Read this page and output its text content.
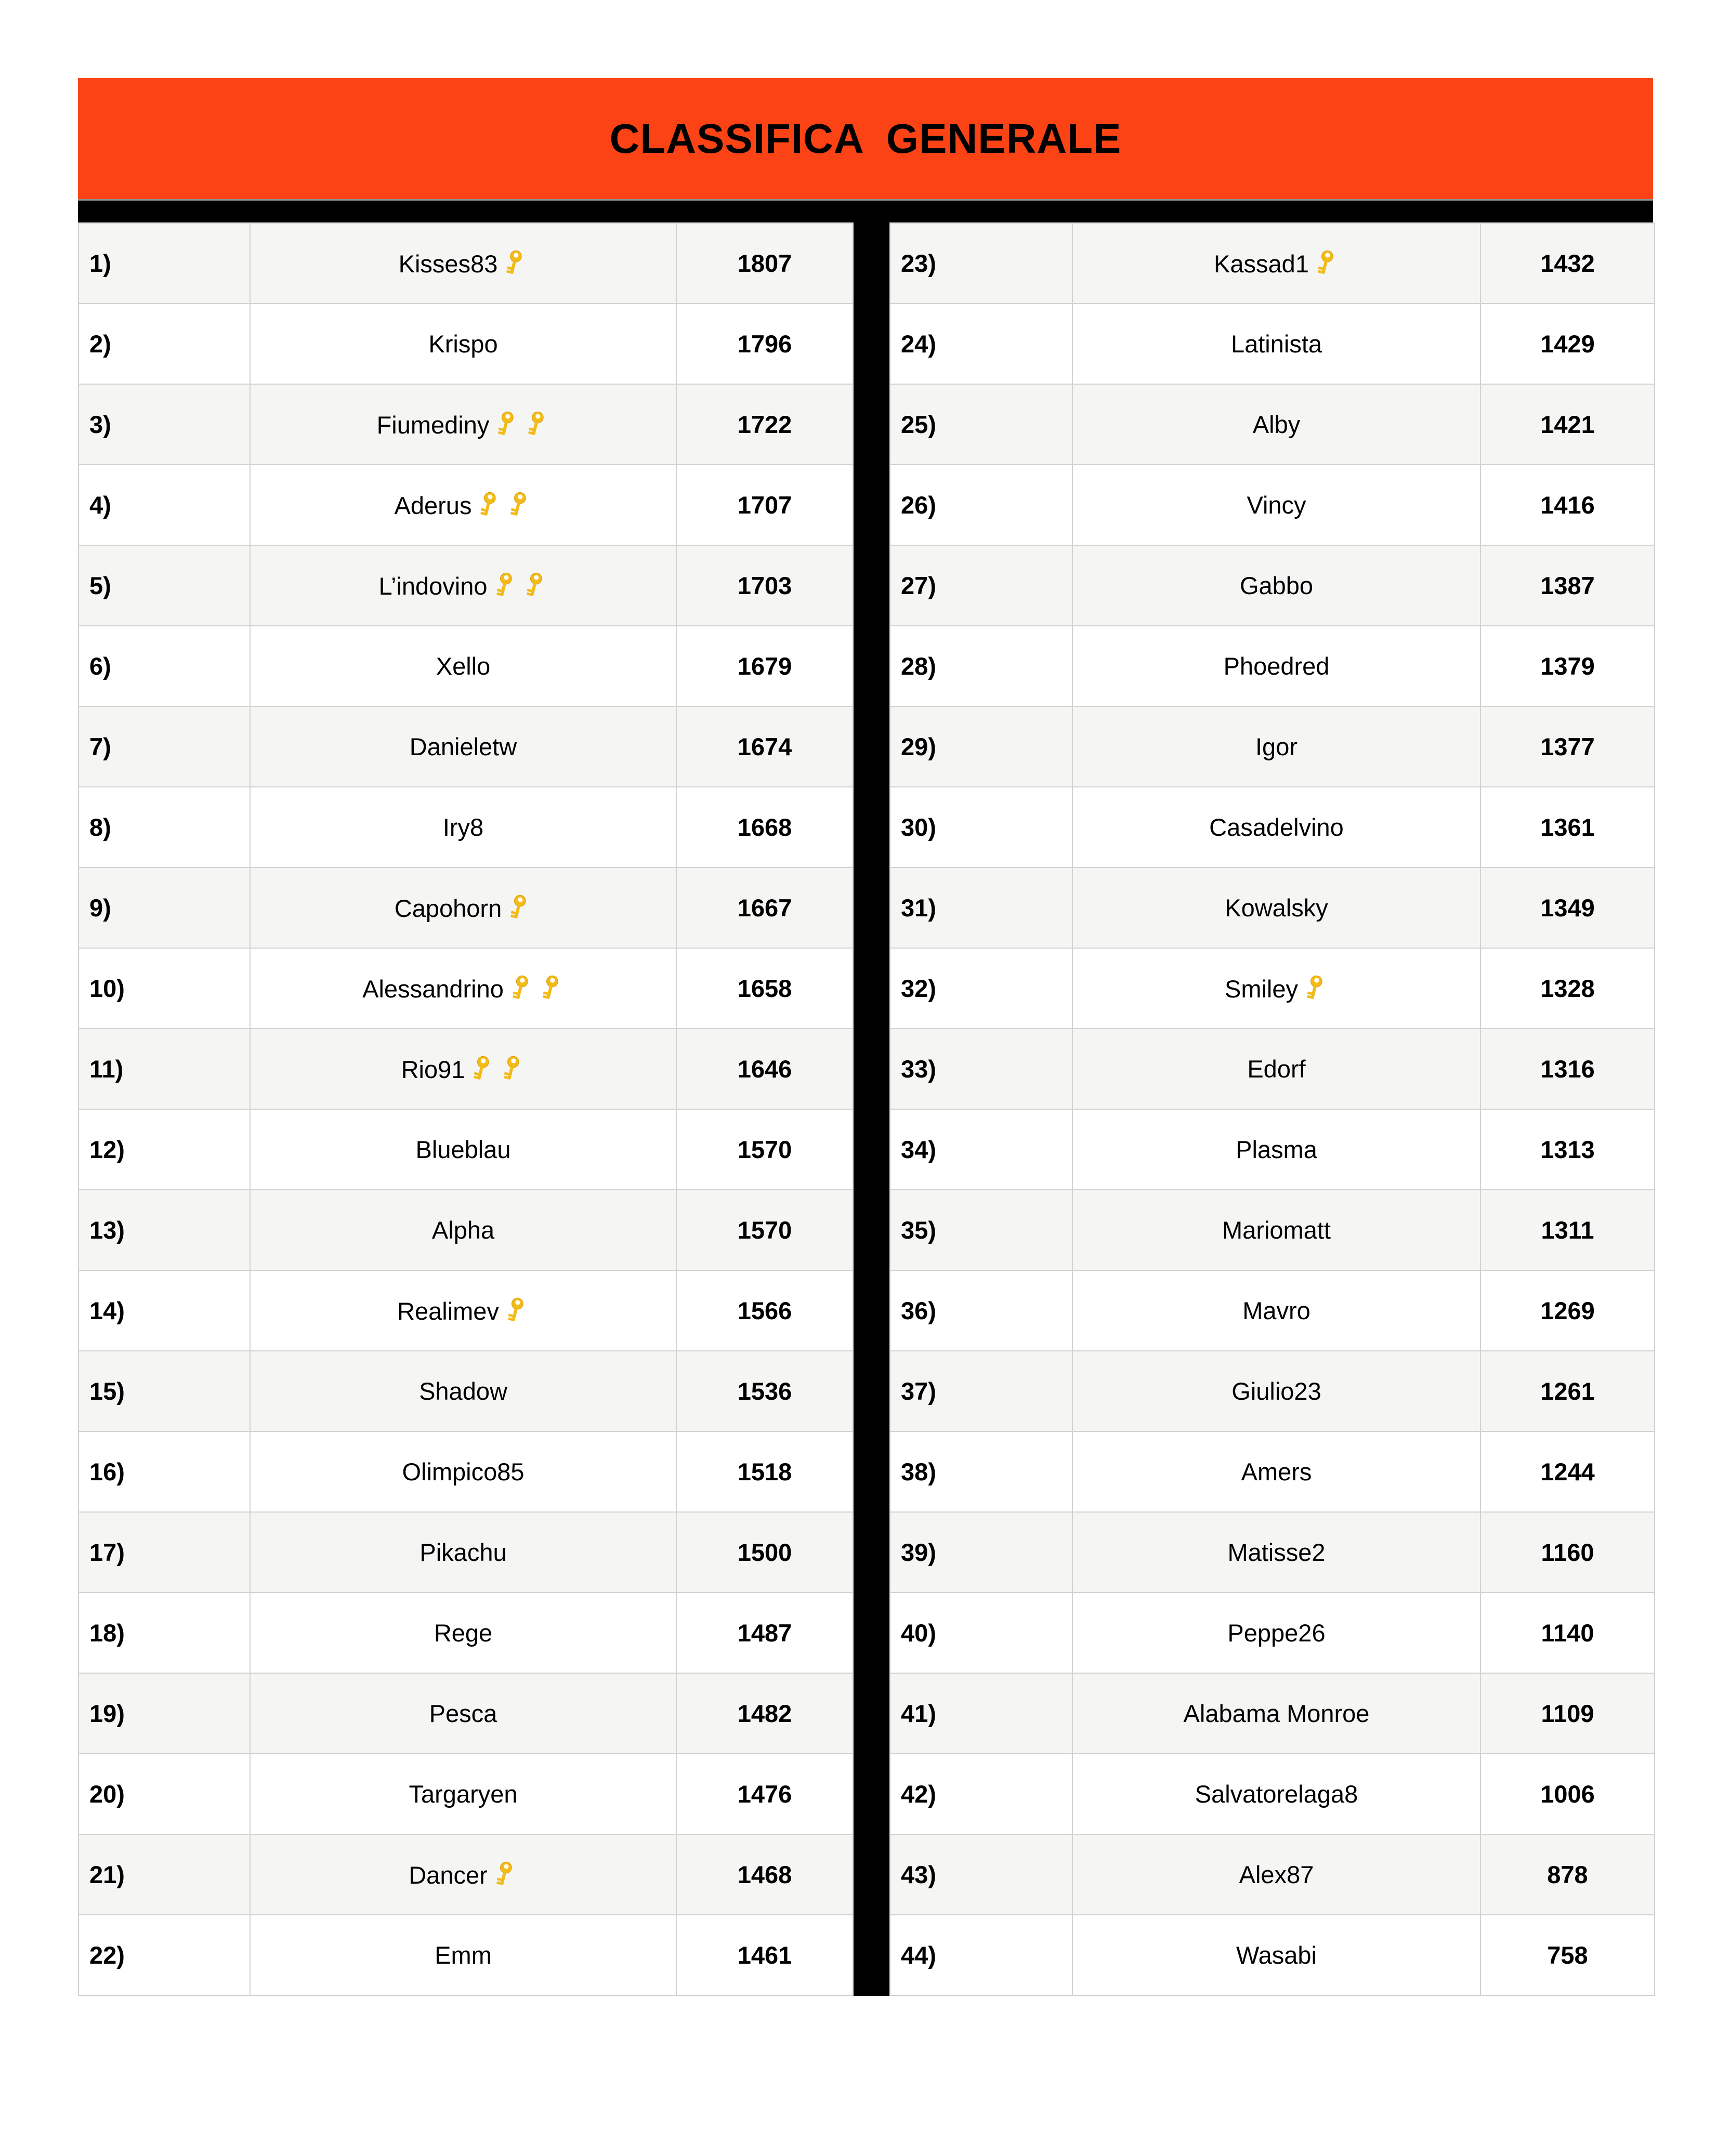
CLASSIFICA GENERALE
1)	Kisses83	1807
2)	Krispo	1796
3)	Fiumediny	1722
4)	Aderus	1707
5)	L’indovino	1703
6)	Xello	1679
7)	Danieletw	1674
8)	Iry8	1668
9)	Capohorn	1667
10)	Alessandrino	1658
11)	Rio91	1646
12)	Blueblau	1570
13)	Alpha	1570
14)	Realimev	1566
15)	Shadow	1536
16)	Olimpico85	1518
17)	Pikachu	1500
18)	Rege	1487
19)	Pesca	1482
20)	Targaryen	1476
21)	Dancer	1468
22)	Emm	1461
23)	Kassad1	1432
24)	Latinista	1429
25)	Alby	1421
26)	Vincy	1416
27)	Gabbo	1387
28)	Phoedred	1379
29)	Igor	1377
30)	Casadelvino	1361
31)	Kowalsky	1349
32)	Smiley	1328
33)	Edorf	1316
34)	Plasma	1313
35)	Mariomatt	1311
36)	Mavro	1269
37)	Giulio23	1261
38)	Amers	1244
39)	Matisse2	1160
40)	Peppe26	1140
41)	Alabama Monroe	1109
42)	Salvatorelaga8	1006
43)	Alex87	878
44)	Wasabi	758
